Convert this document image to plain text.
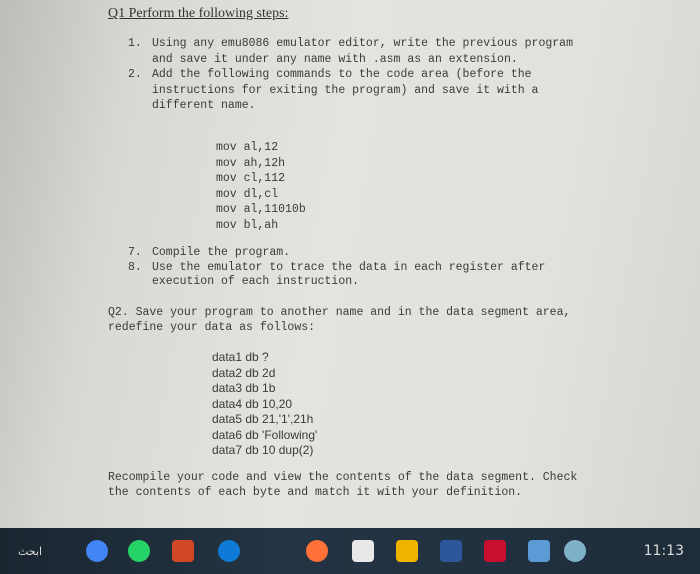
Q1 Perform the following steps:
1. Using any emu8086 emulator editor, write the previous program and save it under any name with .asm as an extension.
2. Add the following commands to the code area (before the instructions for exiting the program) and save it with a different name.
mov al,12
mov ah,12h
mov cl,112
mov dl,cl
mov al,11010b
mov bl,ah
7. Compile the program.
8. Use the emulator to trace the data in each register after execution of each instruction.
Q2. Save your program to another name and in the data segment area, redefine your data as follows:
data1 db ?
data2 db 2d
data3 db 1b
data4 db 10,20
data5 db 21,'1',21h
data6 db 'Following'
data7 db 10 dup(2)
Recompile your code and view the contents of the data segment. Check the contents of each byte and match it with your definition.
ﺍﺑﺤﺚ	11:13
